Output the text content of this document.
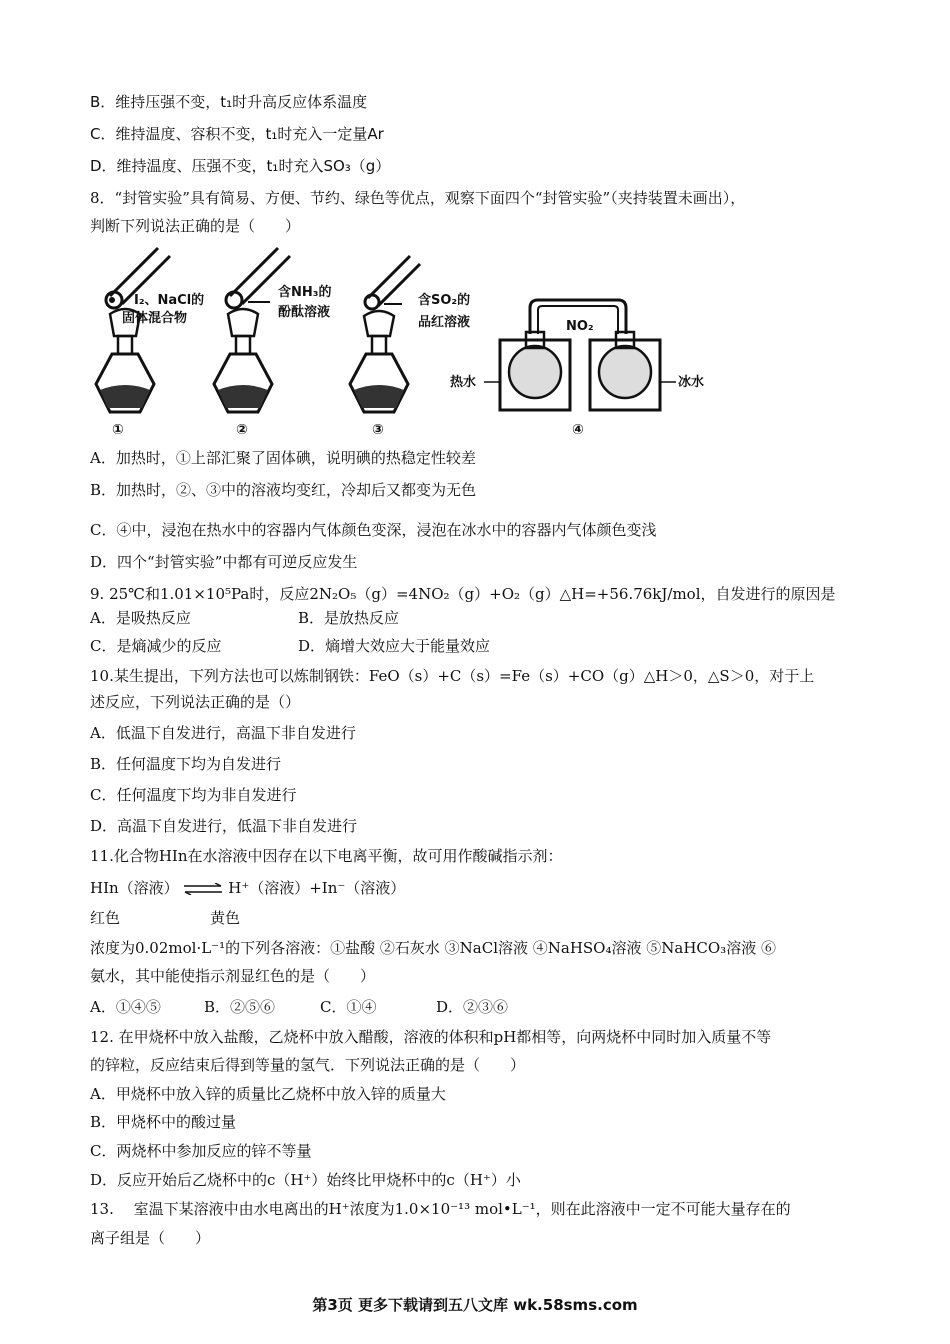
B．维持压强不变，t₁时升高反应体系温度
C．维持温度、容积不变，t₁时充入一定量Ar
D．维持温度、压强不变，t₁时充入SO₃（g）
8．“封管实验”具有简易、方便、节约、绿色等优点，观察下面四个“封管实验”（夹持装置未画出），
判断下列说法正确的是（　　）
I₂、NaCl的
固体混合物
①
含NH₃的
酚酞溶液
②
含SO₂的
品红溶液
③
NO₂
热水	冰水
④
A．加热时，①上部汇聚了固体碘，说明碘的热稳定性较差
B．加热时，②、③中的溶液均变红，冷却后又都变为无色
C．④中，浸泡在热水中的容器内气体颜色变深，浸泡在冰水中的容器内气体颜色变浅
D．四个“封管实验”中都有可逆反应发生
9. 25℃和1.01×10⁵Pa时，反应2N₂O₅（g）=4NO₂（g）+O₂（g）△H=+56.76kJ/mol，自发进行的原因是
A．是吸热反应	B．是放热反应
C．是熵减少的反应	D．熵增大效应大于能量效应
10.某生提出，下列方法也可以炼制钢铁：FeO（s）+C（s）=Fe（s）+CO（g）△H＞0，△S＞0，对于上
述反应，下列说法正确的是（）
A．低温下自发进行，高温下非自发进行
B．任何温度下均为自发进行
C．任何温度下均为非自发进行
D．高温下自发进行，低温下非自发进行
11.化合物HIn在水溶液中因存在以下电离平衡，故可用作酸碱指示剂：
HIn（溶液） ⇌ H⁺（溶液）+In⁻（溶液）
红色	黄色
浓度为0.02mol·L⁻¹的下列各溶液：①盐酸 ②石灰水 ③NaCl溶液 ④NaHSO₄溶液 ⑤NaHCO₃溶液 ⑥
氨水，其中能使指示剂显红色的是（　　）
A．①④⑤	B．②⑤⑥	C．①④	D．②③⑥
12. 在甲烧杯中放入盐酸，乙烧杯中放入醋酸，溶液的体积和pH都相等，向两烧杯中同时加入质量不等
的锌粒，反应结束后得到等量的氢气．下列说法正确的是（　　）
A．甲烧杯中放入锌的质量比乙烧杯中放入锌的质量大
B．甲烧杯中的酸过量
C．两烧杯中参加反应的锌不等量
D．反应开始后乙烧杯中的c（H⁺）始终比甲烧杯中的c（H⁺）小
13.　 室温下某溶液中由水电离出的H⁺浓度为1.0×10⁻¹³ mol•L⁻¹，则在此溶液中一定不可能大量存在的
离子组是（　　）
第3页 更多下载请到五八文库 wk.58sms.com
